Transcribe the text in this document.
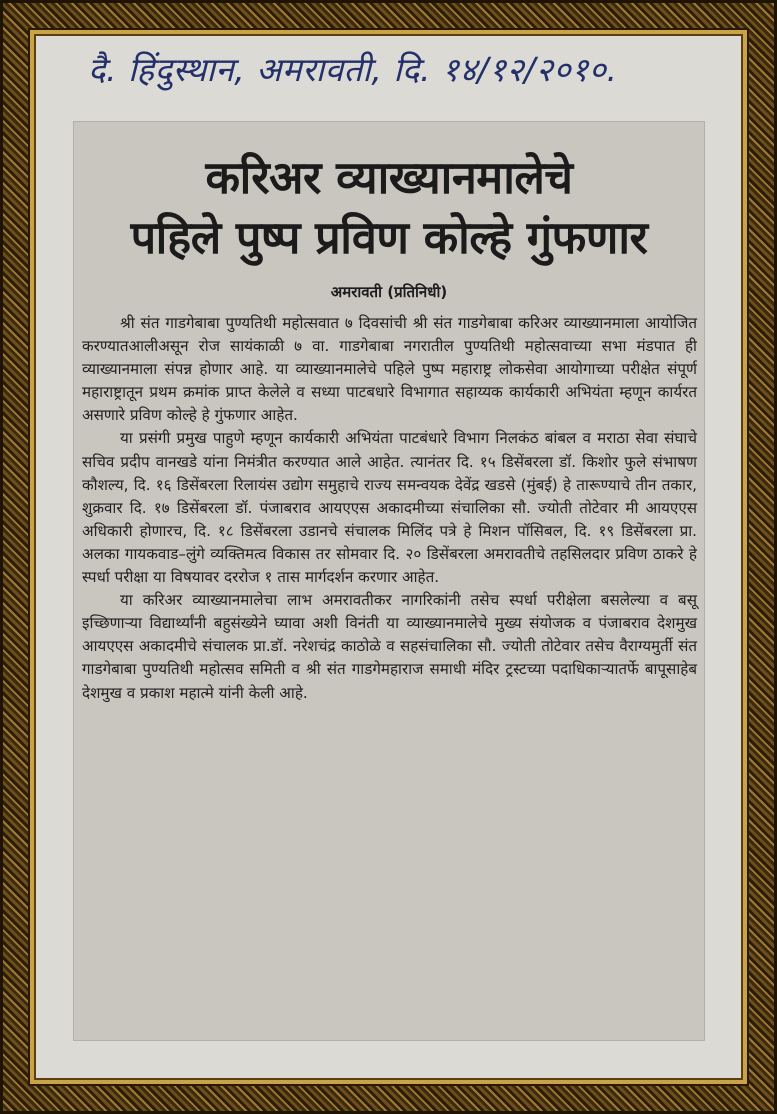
दै. हिंदुस्थान, अमरावती, दि. १४/१२/२०१०.
करिअर व्याख्यानमालेचे
पहिले पुष्प प्रविण कोल्हे गुंफणार
अमरावती (प्रतिनिधी)

श्री संत गाडगेबाबा पुण्यतिथी महोत्सवात ७ दिवसांची श्री संत गाडगेबाबा करिअर व्याख्यानमाला आयोजित करण्यातआलीअसून रोज सायंकाळी ७ वा. गाडगेबाबा नगरातील पुण्यतिथी महोत्सवाच्या सभा मंडपात ही व्याख्यानमाला संपन्न होणार आहे. या व्याख्यानमालेचे पहिले पुष्प महाराष्ट्र लोकसेवा आयोगाच्या परीक्षेत संपूर्ण महाराष्ट्रातून प्रथम क्रमांक प्राप्त केलेले व सध्या पाटबधारे विभागात सहाय्यक कार्यकारी अभियंता म्हणून कार्यरत असणारे प्रविण कोल्हे हे गुंफणार आहेत.

या प्रसंगी प्रमुख पाहुणे म्हणून कार्यकारी अभियंता पाटबंधारे विभाग निलकंठ बांबल व मराठा सेवा संघाचे सचिव प्रदीप वानखडे यांना निमंत्रीत करण्यात आले आहेत. त्यानंतर दि. १५ डिसेंबरला डॉ. किशोर फुले संभाषण कौशल्य, दि. १६ डिसेंबरला रिलायंस उद्योग समुहाचे राज्य समन्वयक देवेंद्र खडसे (मुंबई) हे तारूण्याचे तीन तकार, शुक्रवार दि. १७ डिसेंबरला डॉ. पंजाबराव आयएएस अकादमीच्या संचालिका सौ. ज्योती तोटेवार मी आयएएस अधिकारी होणारच, दि. १८ डिसेंबरला उडानचे संचालक मिलिंद पत्रे हे मिशन पॉसिबल, दि. १९ डिसेंबरला प्रा. अलका गायकवाड–लुंगे व्यक्तिमत्व विकास तर सोमवार दि. २० डिसेंबरला अमरावतीचे तहसिलदार प्रविण ठाकरे हे स्पर्धा परीक्षा या विषयावर दररोज १ तास मार्गदर्शन करणार आहेत.

या करिअर व्याख्यानमालेचा लाभ अमरावतीकर नागरिकांनी तसेच स्पर्धा परीक्षेला बसलेल्या व बसू इच्छिणाऱ्या विद्यार्थ्यांनी बहुसंख्येने घ्यावा अशी विनंती या व्याख्यानमालेचे मुख्य संयोजक व पंजाबराव देशमुख आयएएस अकादमीचे संचालक प्रा.डॉ. नरेशचंद्र काठोळे व सहसंचालिका सौ. ज्योती तोटेवार तसेच वैराग्यमुर्ती संत गाडगेबाबा पुण्यतिथी महोत्सव समिती व श्री संत गाडगेमहाराज समाधी मंदिर ट्रस्टच्या पदाधिकाऱ्यातर्फे बापूसाहेब देशमुख व प्रकाश महात्मे यांनी केली आहे.
